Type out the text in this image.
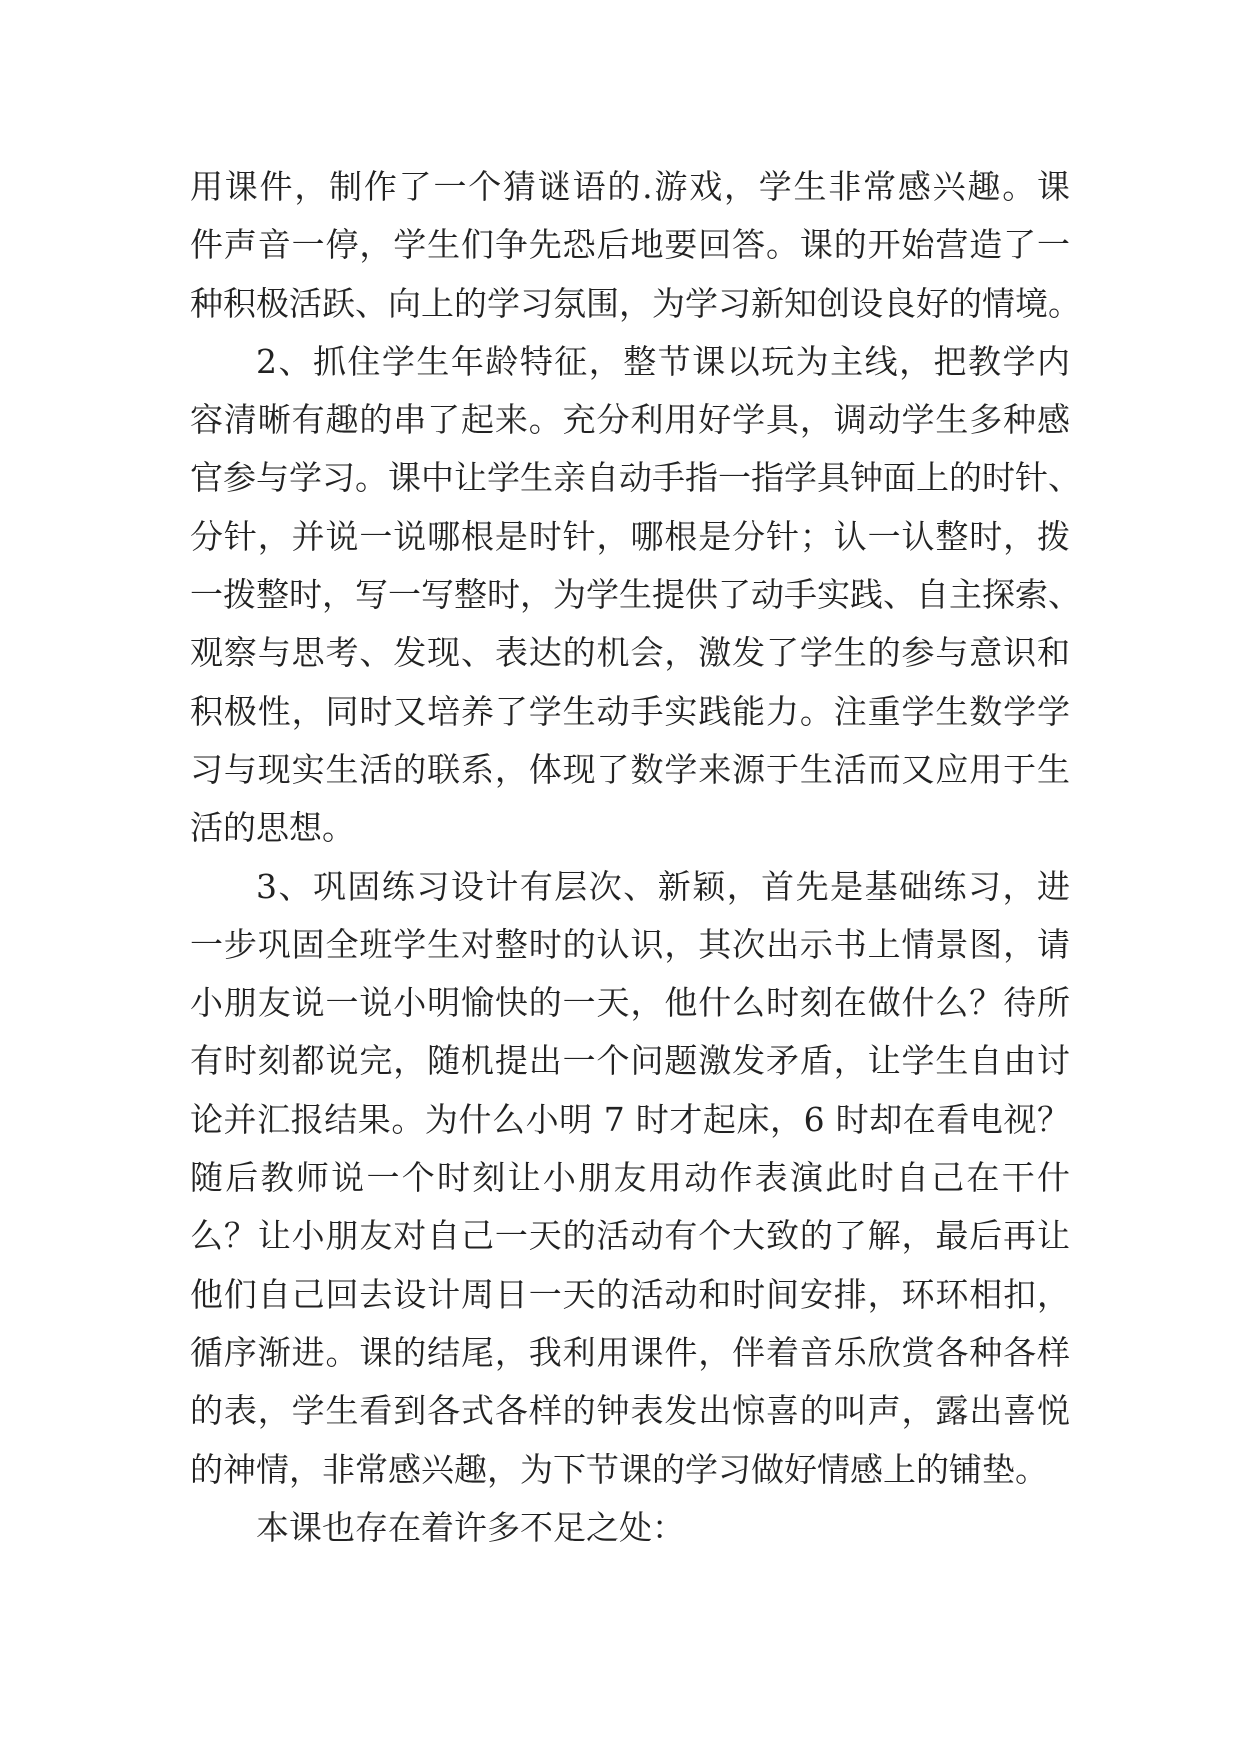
用课件，制作了一个猜谜语的.游戏，学生非常感兴趣。课
件声音一停，学生们争先恐后地要回答。课的开始营造了一
种积极活跃、向上的学习氛围，为学习新知创设良好的情境。
2、抓住学生年龄特征，整节课以玩为主线，把教学内
容清晰有趣的串了起来。充分利用好学具，调动学生多种感
官参与学习。课中让学生亲自动手指一指学具钟面上的时针、
分针，并说一说哪根是时针，哪根是分针；认一认整时，拨
一拨整时，写一写整时，为学生提供了动手实践、自主探索、
观察与思考、发现、表达的机会，激发了学生的参与意识和
积极性，同时又培养了学生动手实践能力。注重学生数学学
习与现实生活的联系，体现了数学来源于生活而又应用于生
活的思想。
3、巩固练习设计有层次、新颖，首先是基础练习，进
一步巩固全班学生对整时的认识，其次出示书上情景图，请
小朋友说一说小明愉快的一天，他什么时刻在做什么？待所
有时刻都说完，随机提出一个问题激发矛盾，让学生自由讨
论并汇报结果。为什么小明 7 时才起床，6 时却在看电视？
随后教师说一个时刻让小朋友用动作表演此时自己在干什
么？让小朋友对自己一天的活动有个大致的了解，最后再让
他们自己回去设计周日一天的活动和时间安排，环环相扣，
循序渐进。课的结尾，我利用课件，伴着音乐欣赏各种各样
的表，学生看到各式各样的钟表发出惊喜的叫声，露出喜悦
的神情，非常感兴趣，为下节课的学习做好情感上的铺垫。
本课也存在着许多不足之处：
